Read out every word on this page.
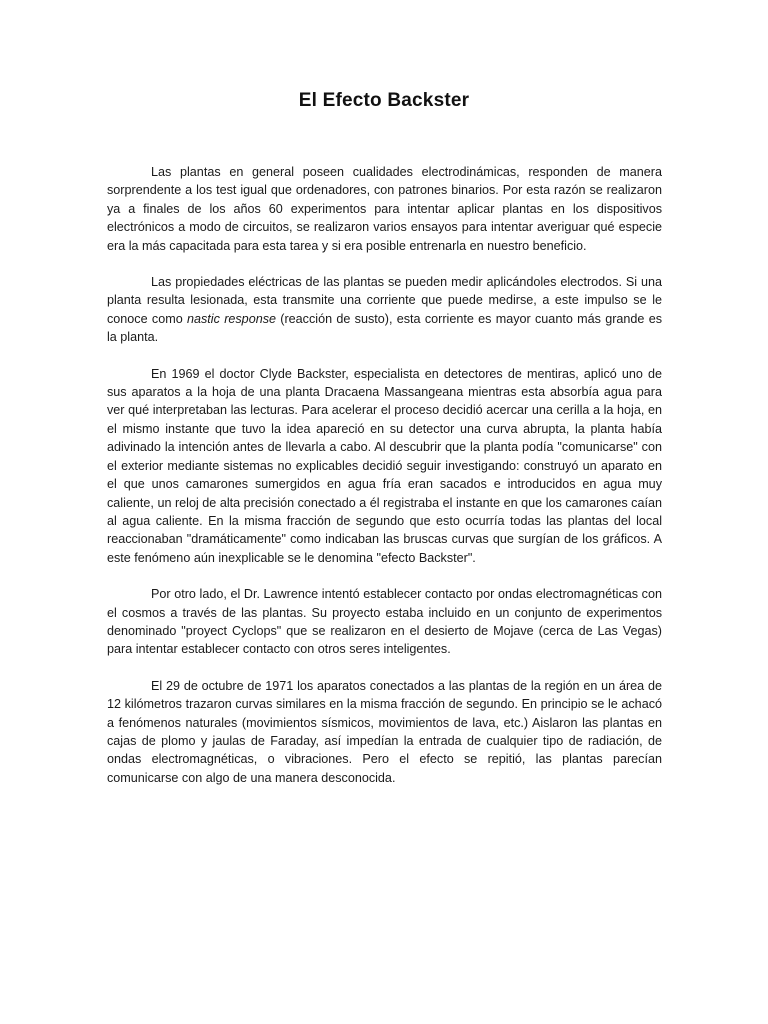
El Efecto Backster

Las plantas en general poseen cualidades electrodinámicas, responden de manera sorprendente a los test igual que ordenadores, con patrones binarios. Por esta razón se realizaron ya a finales de los años 60 experimentos para intentar aplicar plantas en los dispositivos electrónicos a modo de circuitos, se realizaron varios ensayos para intentar averiguar qué especie era la más capacitada para esta tarea y si era posible entrenarla en nuestro beneficio.

Las propiedades eléctricas de las plantas se pueden medir aplicándoles electrodos. Si una planta resulta lesionada, esta transmite una corriente que puede medirse, a este impulso se le conoce como nastic response (reacción de susto), esta corriente es mayor cuanto más grande es la planta.

En 1969 el doctor Clyde Backster, especialista en detectores de mentiras, aplicó uno de sus aparatos a la hoja de una planta Dracaena Massangeana mientras esta absorbía agua para ver qué interpretaban las lecturas. Para acelerar el proceso decidió acercar una cerilla a la hoja, en el mismo instante que tuvo la idea apareció en su detector una curva abrupta, la planta había adivinado la intención antes de llevarla a cabo. Al descubrir que la planta podía "comunicarse" con el exterior mediante sistemas no explicables decidió seguir investigando: construyó un aparato en el que unos camarones sumergidos en agua fría eran sacados e introducidos en agua muy caliente, un reloj de alta precisión conectado a él registraba el instante en que los camarones caían al agua caliente. En la misma fracción de segundo que esto ocurría todas las plantas del local reaccionaban "dramáticamente" como indicaban las bruscas curvas que surgían de los gráficos. A este fenómeno aún inexplicable se le denomina "efecto Backster".

Por otro lado, el Dr. Lawrence intentó establecer contacto por ondas electromagnéticas con el cosmos a través de las plantas. Su proyecto estaba incluido en un conjunto de experimentos denominado "proyect Cyclops" que se realizaron en el desierto de Mojave (cerca de Las Vegas) para intentar establecer contacto con otros seres inteligentes.

El 29 de octubre de 1971 los aparatos conectados a las plantas de la región en un área de 12 kilómetros trazaron curvas similares en la misma fracción de segundo. En principio se le achacó a fenómenos naturales (movimientos sísmicos, movimientos de lava, etc.) Aislaron las plantas en cajas de plomo y jaulas de Faraday, así impedían la entrada de cualquier tipo de radiación, de ondas electromagnéticas, o vibraciones. Pero el efecto se repitió, las plantas parecían comunicarse con algo de una manera desconocida.
